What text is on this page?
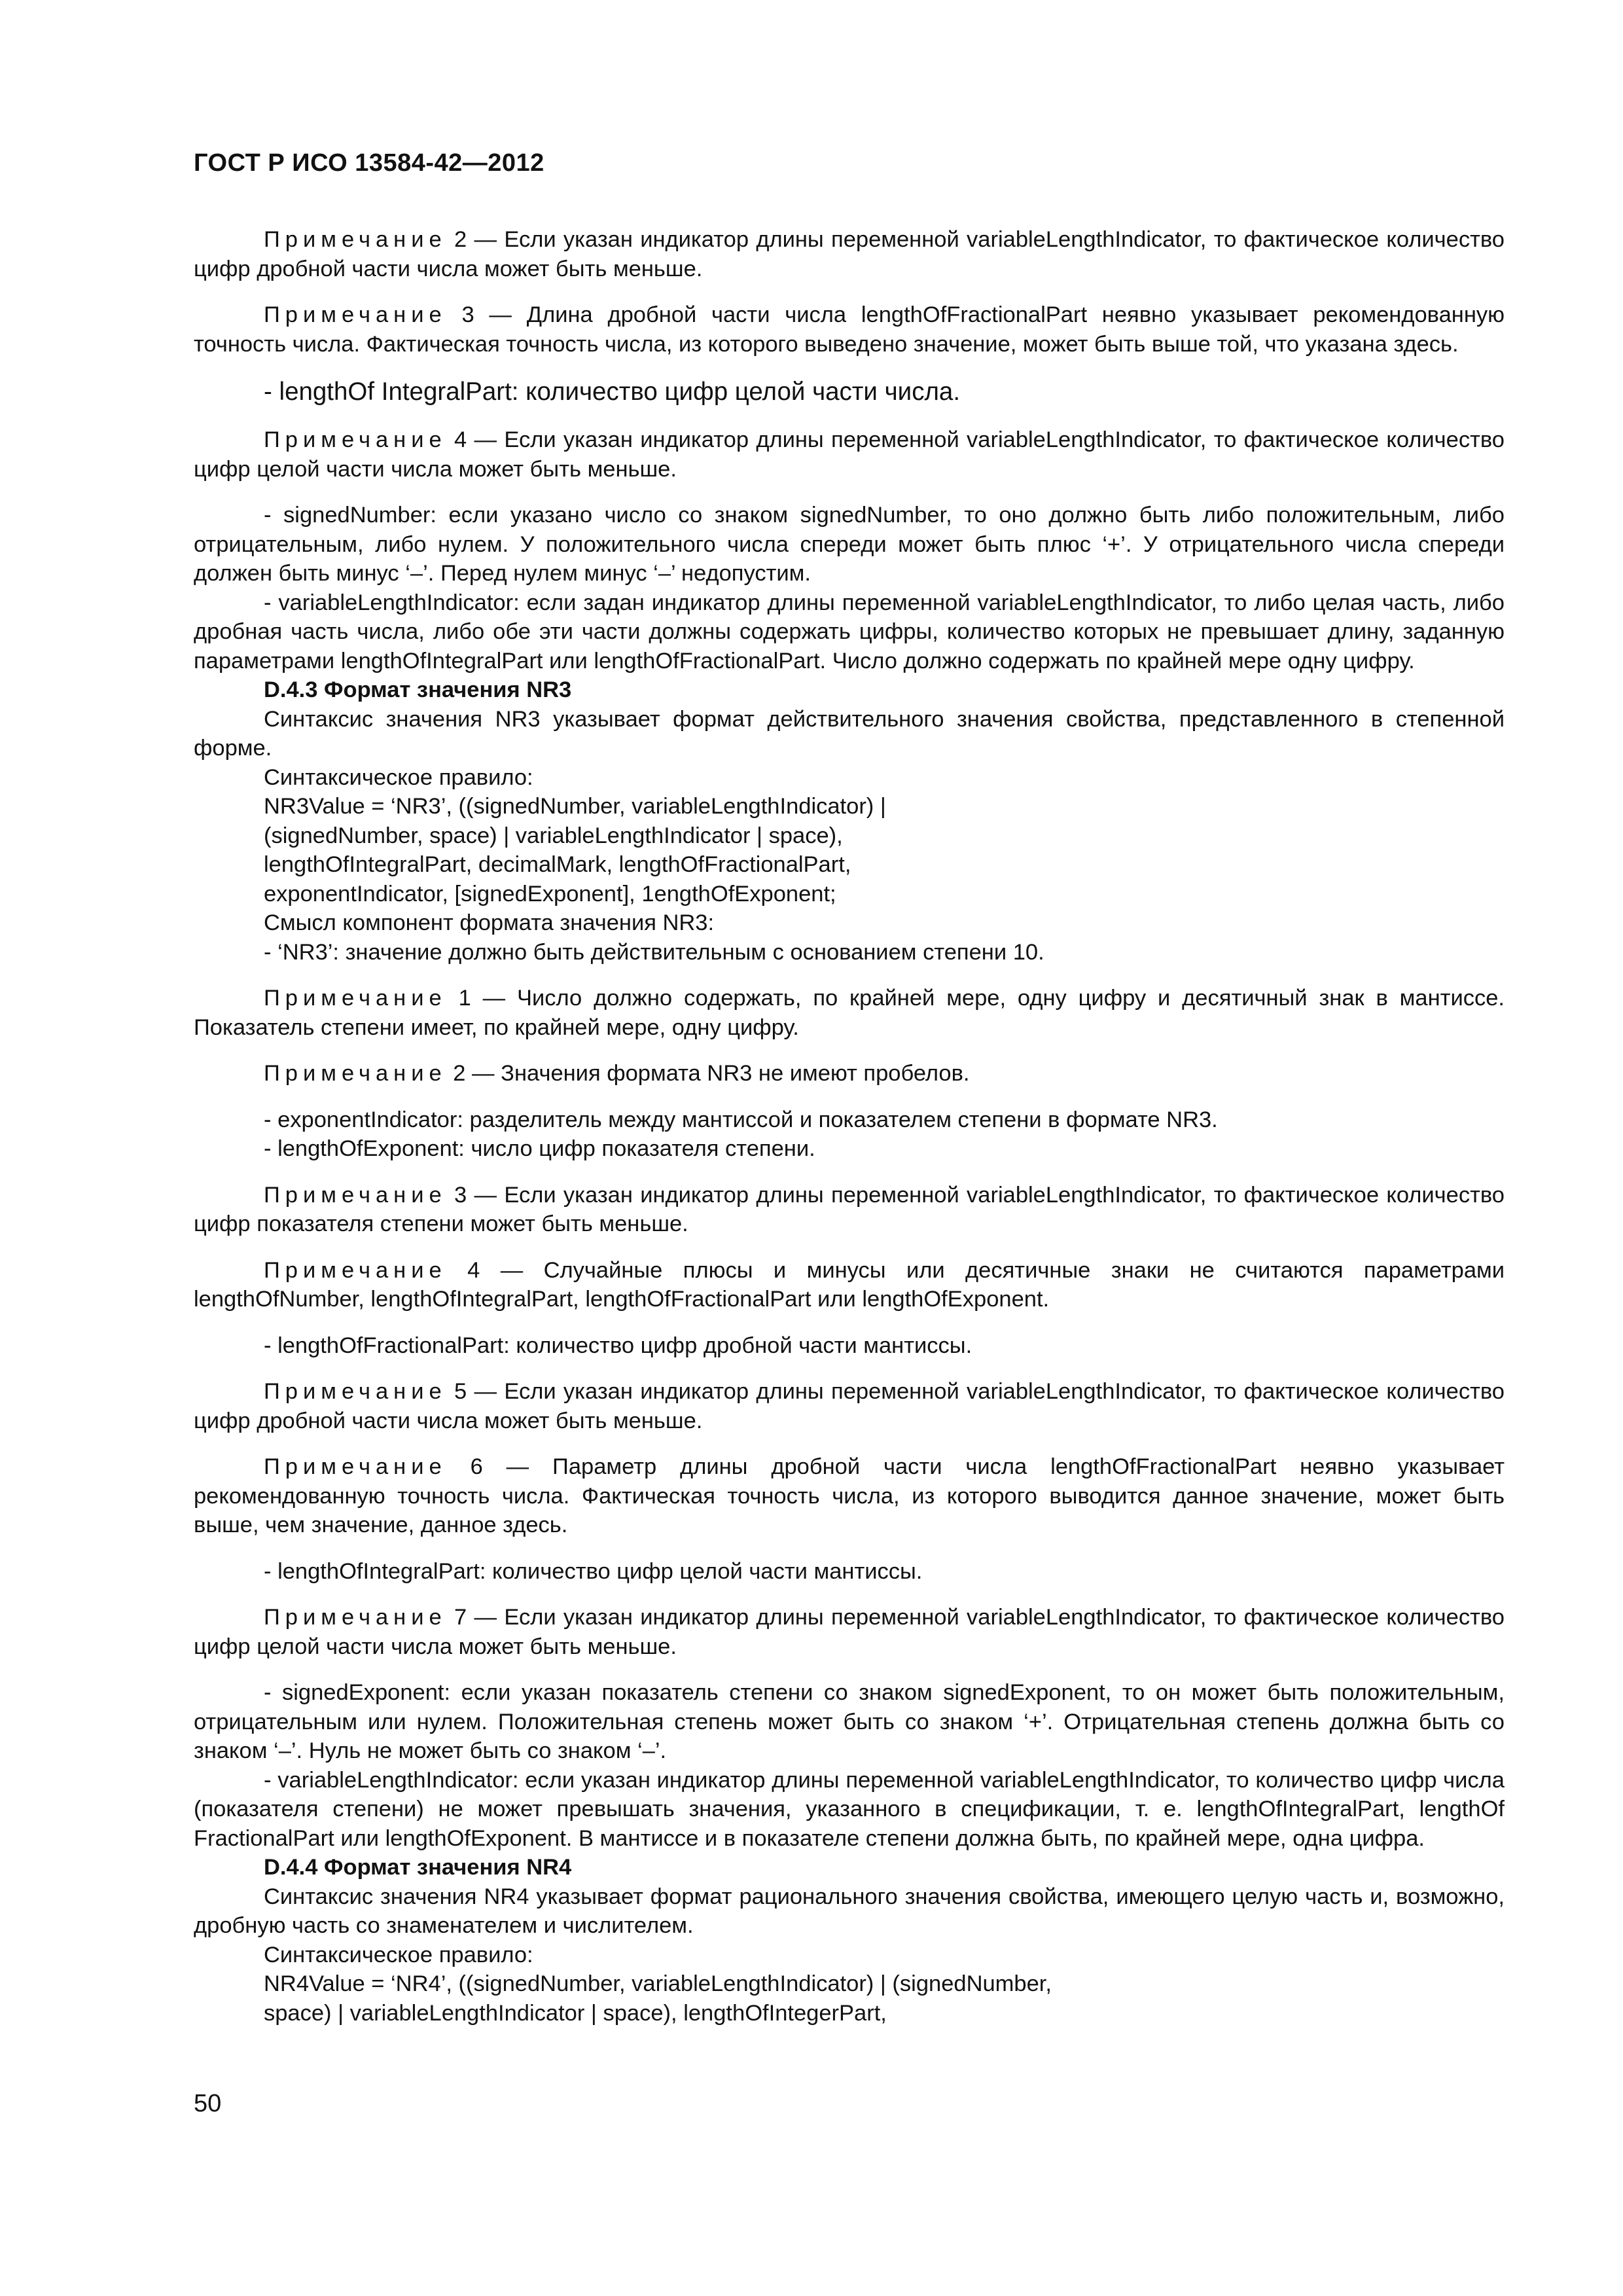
ГОСТ Р ИСО 13584-42—2012

Примечание 2 — Если указан индикатор длины переменной variableLengthIndicator, то фактическое количество цифр дробной части числа может быть меньше.

Примечание 3 — Длина дробной части числа lengthOfFractionalPart неявно указывает рекомендованную точность числа. Фактическая точность числа, из которого выведено значение, может быть выше той, что указана здесь.

- lengthOf IntegralPart: количество цифр целой части числа.

Примечание 4 — Если указан индикатор длины переменной variableLengthIndicator, то фактическое количество цифр целой части числа может быть меньше.

- signedNumber: если указано число со знаком signedNumber, то оно должно быть либо положительным, либо отрицательным, либо нулем. У положительного числа спереди может быть плюс ‘+’. У отрицательного числа спереди должен быть минус ‘–’. Перед нулем минус ‘–’ недопустим.

- variableLengthIndicator: если задан индикатор длины переменной variableLengthIndicator, то либо целая часть, либо дробная часть числа, либо обе эти части должны содержать цифры, количество которых не превышает длину, заданную параметрами lengthOfIntegralPart или lengthOfFractionalPart. Число должно содержать по крайней мере одну цифру.

D.4.3 Формат значения NR3

Синтаксис значения NR3 указывает формат действительного значения свойства, представленного в степенной форме.

Синтаксическое правило:

NR3Value = ‘NR3’, ((signedNumber, variableLengthIndicator) |

(signedNumber, space) | variableLengthIndicator | space),

lengthOfIntegralPart, decimalMark, lengthOfFractionalPart,

exponentIndicator, [signedExponent], 1engthOfExponent;

Смысл компонент формата значения NR3:

- ‘NR3’: значение должно быть действительным с основанием степени 10.

Примечание 1 — Число должно содержать, по крайней мере, одну цифру и десятичный знак в мантиссе. Показатель степени имеет, по крайней мере, одну цифру.

Примечание 2 — Значения формата NR3 не имеют пробелов.

- exponentIndicator: разделитель между мантиссой и показателем степени в формате NR3.

- lengthOfExponent: число цифр показателя степени.

Примечание 3 — Если указан индикатор длины переменной variableLengthIndicator, то фактическое количество цифр показателя степени может быть меньше.

Примечание 4 — Случайные плюсы и минусы или десятичные знаки не считаются параметрами lengthOfNumber, lengthOfIntegralPart, lengthOfFractionalPart или lengthOfExponent.

- lengthOfFractionalPart: количество цифр дробной части мантиссы.

Примечание 5 — Если указан индикатор длины переменной variableLengthIndicator, то фактическое количество цифр дробной части числа может быть меньше.

Примечание 6 — Параметр длины дробной части числа lengthOfFractionalPart неявно указывает рекомендованную точность числа. Фактическая точность числа, из которого выводится данное значение, может быть выше, чем значение, данное здесь.

- lengthOfIntegralPart: количество цифр целой части мантиссы.

Примечание 7 — Если указан индикатор длины переменной variableLengthIndicator, то фактическое количество цифр целой части числа может быть меньше.

- signedExponent: если указан показатель степени со знаком signedExponent, то он может быть положительным, отрицательным или нулем. Положительная степень может быть со знаком ‘+’. Отрицательная степень должна быть со знаком ‘–’. Нуль не может быть со знаком ‘–’.

- variableLengthIndicator: если указан индикатор длины переменной variableLengthIndicator, то количество цифр числа (показателя степени) не может превышать значения, указанного в спецификации, т. е. lengthOfIntegralPart, lengthOf FractionalPart или lengthOfExponent. В мантиссе и в показателе степени должна быть, по крайней мере, одна цифра.

D.4.4 Формат значения NR4

Синтаксис значения NR4 указывает формат рационального значения свойства, имеющего целую часть и, возможно, дробную часть со знаменателем и числителем.

Синтаксическое правило:

NR4Value = ‘NR4’, ((signedNumber, variableLengthIndicator) | (signedNumber,

space) | variableLengthIndicator | space), lengthOfIntegerPart,

50
